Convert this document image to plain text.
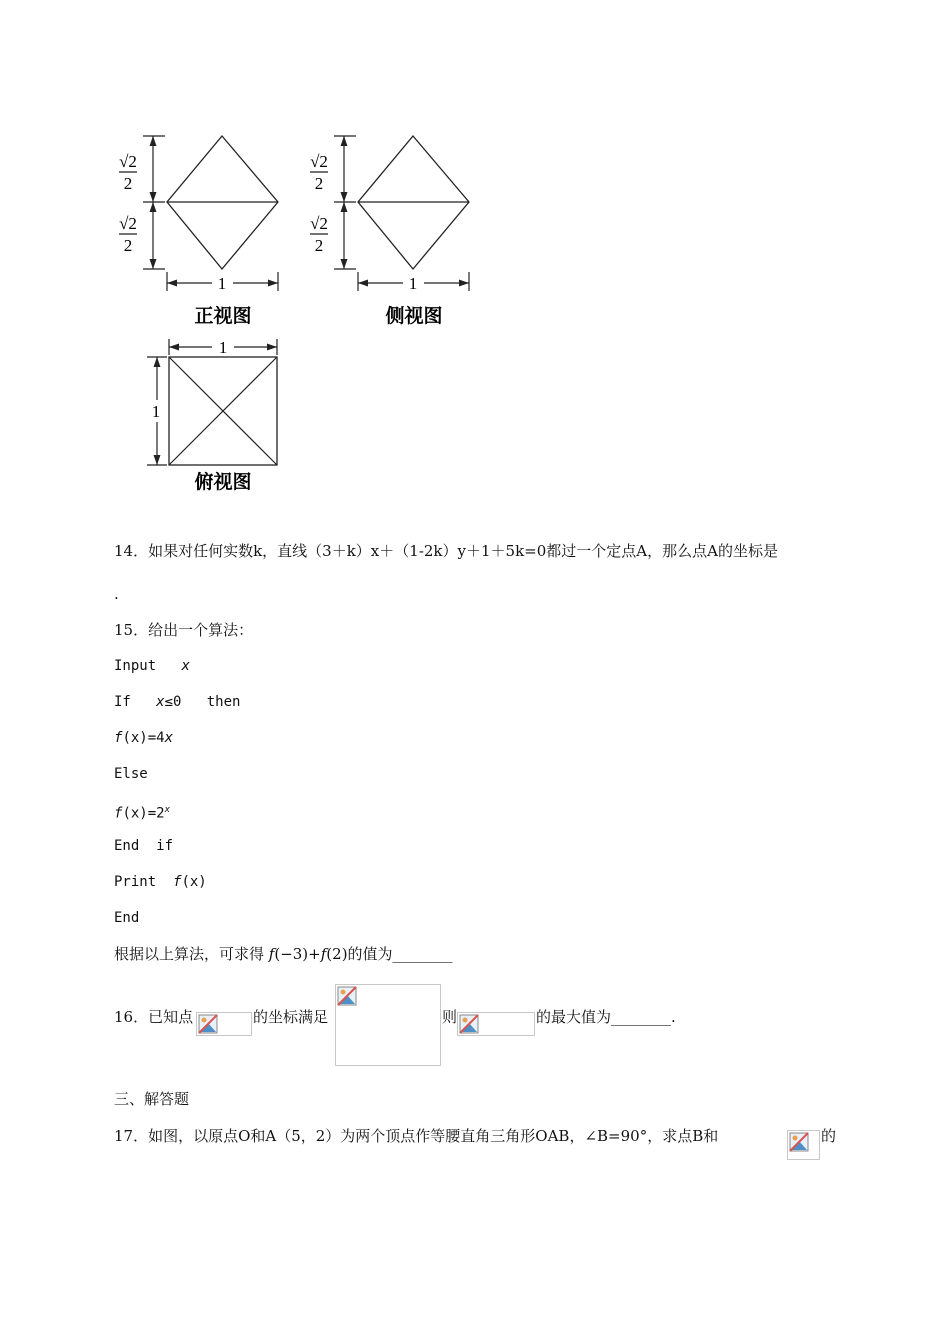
√2
2
√2
2
1
正视图
√2
2
√2
2
1
侧视图
1
1
俯视图
14．如果对任何实数k，直线（3＋k）x＋（1-2k）y＋1＋5k=0都过一个定点A，那么点A的坐标是
.
15．给出一个算法：
Input x
If x≤0 then
f(x)=4x
Else
$f(x)=2^x$
End  if
Print f(x)
End
根据以上算法，可求得 f(−3)+f(2)的值为________
16．已知点	的坐标满足	则	的最大值为________.
三、解答题
17．如图，以原点O和A（5，2）为两个顶点作等腰直角三角形OAB，∠B=90°，求点B和	的
